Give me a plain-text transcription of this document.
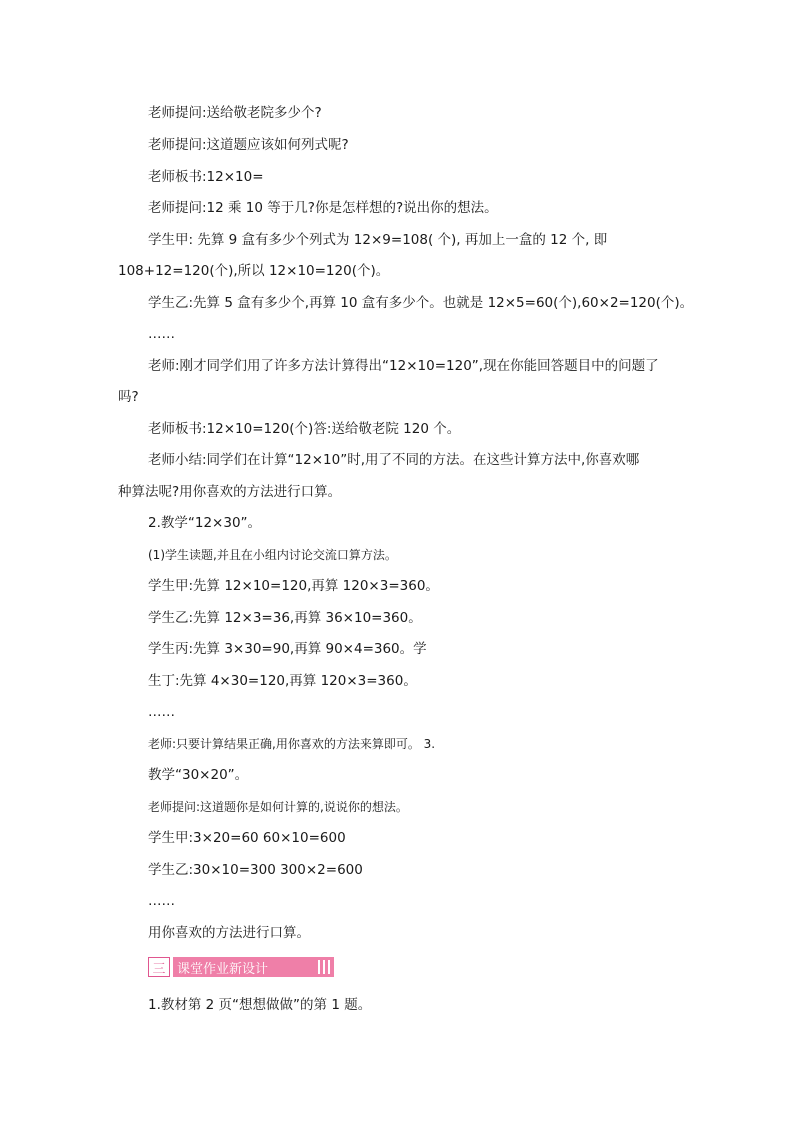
老师提问:送给敬老院多少个?
老师提问:这道题应该如何列式呢?
老师板书:12×10=
老师提问:12 乘 10 等于几?你是怎样想的?说出你的想法。
学生甲: 先算 9 盒有多少个列式为 12×9=108( 个), 再加上一盒的 12 个, 即
108+12=120(个),所以 12×10=120(个)。
学生乙:先算 5 盒有多少个,再算 10 盒有多少个。也就是 12×5=60(个),60×2=120(个)。
……
老师:刚才同学们用了许多方法计算得出“12×10=120”,现在你能回答题目中的问题了
吗?
老师板书:12×10=120(个)答:送给敬老院 120 个。
老师小结:同学们在计算“12×10”时,用了不同的方法。在这些计算方法中,你喜欢哪
种算法呢?用你喜欢的方法进行口算。
2.教学“12×30”。
(1)学生读题,并且在小组内讨论交流口算方法。
学生甲:先算 12×10=120,再算 120×3=360。
学生乙:先算 12×3=36,再算 36×10=360。
学生丙:先算 3×30=90,再算 90×4=360。学
生丁:先算 4×30=120,再算 120×3=360。
……
老师:只要计算结果正确,用你喜欢的方法来算即可。 3.
教学“30×20”。
老师提问:这道题你是如何计算的,说说你的想法。
学生甲:3×20=60 60×10=600
学生乙:30×10=300 300×2=600
……
用你喜欢的方法进行口算。
三 课堂作业新设计
1.教材第 2 页“想想做做”的第 1 题。
